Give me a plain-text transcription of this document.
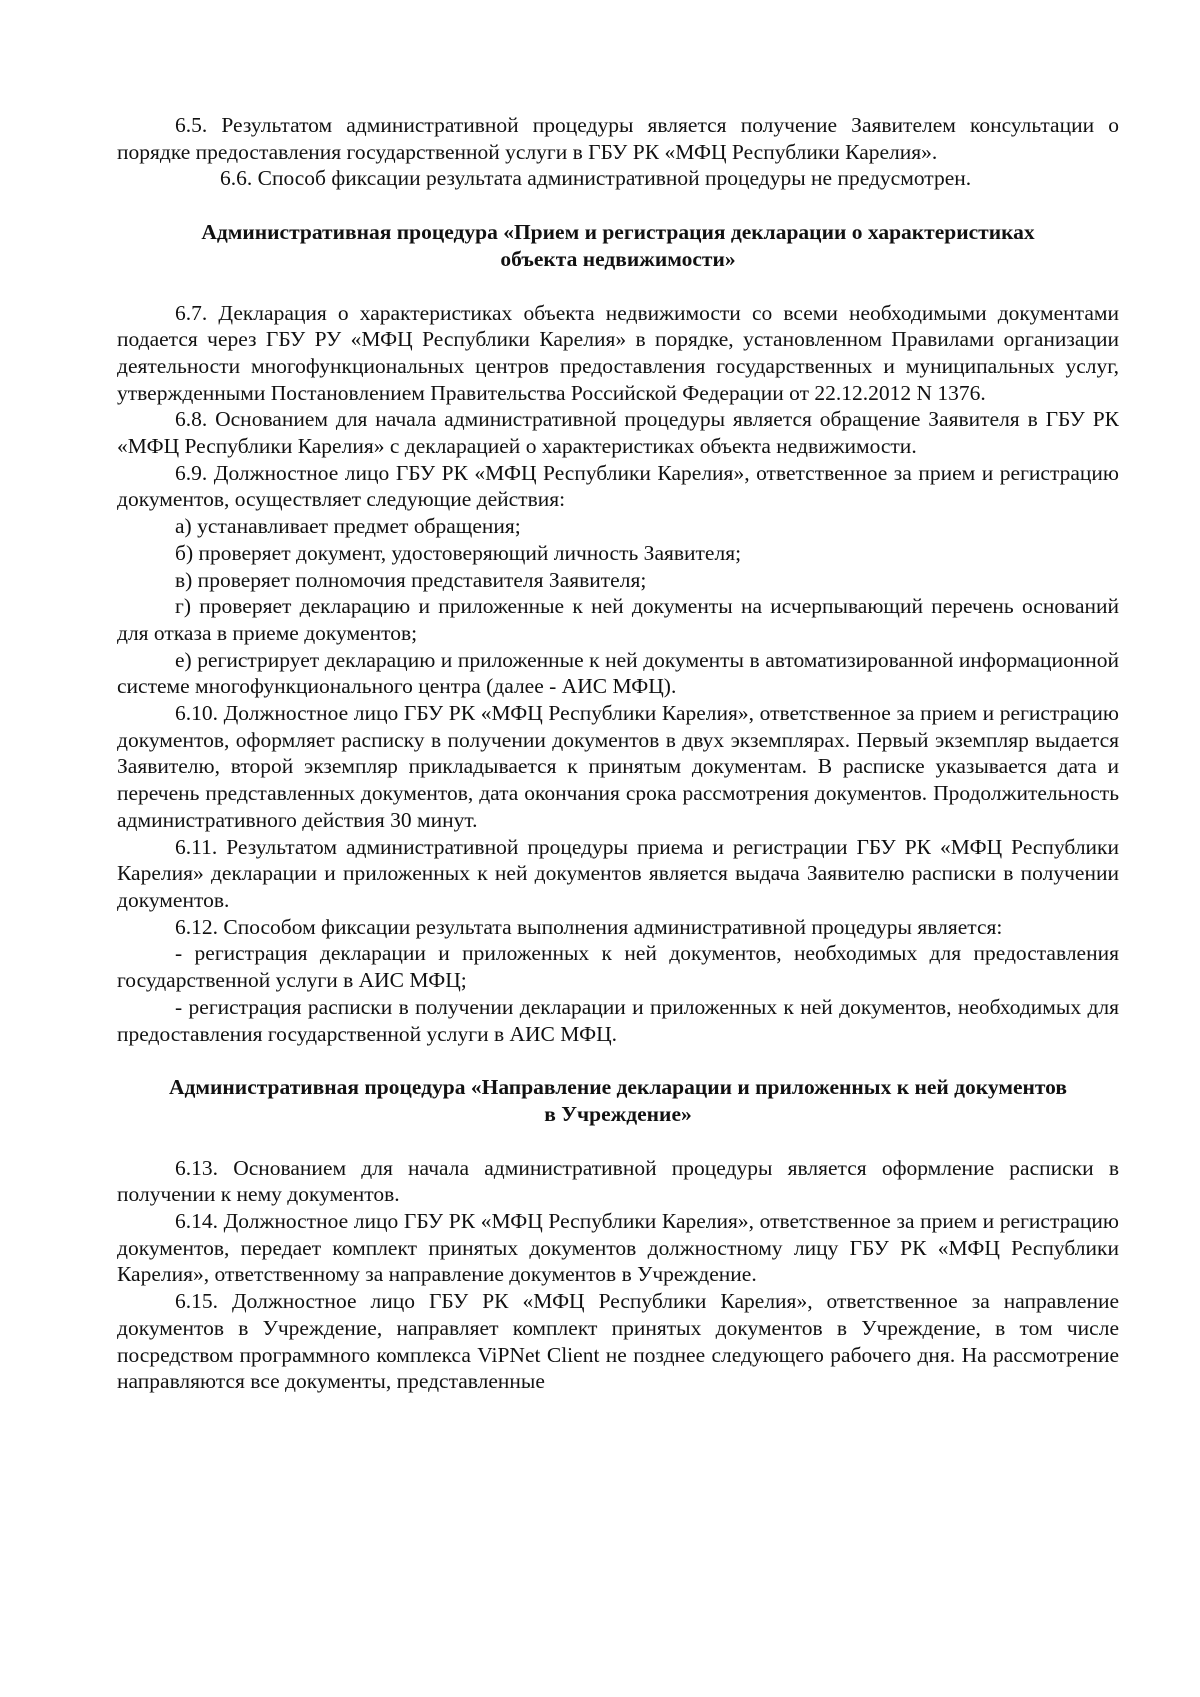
6.5. Результатом административной процедуры является получение Заявителем консультации о порядке предоставления государственной услуги в ГБУ РК «МФЦ Республики Карелия».

6.6. Способ фиксации результата административной процедуры не предусмотрен.

Административная процедура «Прием и регистрация декларации о характеристиках объекта недвижимости»

6.7. Декларация о характеристиках объекта недвижимости со всеми необходимыми документами подается через ГБУ РУ «МФЦ Республики Карелия» в порядке, установленном Правилами организации деятельности многофункциональных центров предоставления государственных и муниципальных услуг, утвержденными Постановлением Правительства Российской Федерации от 22.12.2012 N 1376.

6.8. Основанием для начала административной процедуры является обращение Заявителя в ГБУ РК «МФЦ Республики Карелия» с декларацией о характеристиках объекта недвижимости.

6.9. Должностное лицо ГБУ РК «МФЦ Республики Карелия», ответственное за прием и регистрацию документов, осуществляет следующие действия:

а) устанавливает предмет обращения;

б) проверяет документ, удостоверяющий личность Заявителя;

в) проверяет полномочия представителя Заявителя;

г) проверяет декларацию и приложенные к ней документы на исчерпывающий перечень оснований для отказа в приеме документов;

е) регистрирует декларацию и приложенные к ней документы в автоматизированной информационной системе многофункционального центра (далее - АИС МФЦ).

6.10. Должностное лицо ГБУ РК «МФЦ Республики Карелия», ответственное за прием и регистрацию документов, оформляет расписку в получении документов в двух экземплярах. Первый экземпляр выдается Заявителю, второй экземпляр прикладывается к принятым документам. В расписке указывается дата и перечень представленных документов, дата окончания срока рассмотрения документов. Продолжительность административного действия 30 минут.

6.11. Результатом административной процедуры приема и регистрации ГБУ РК «МФЦ Республики Карелия» декларации и приложенных к ней документов является выдача Заявителю расписки в получении документов.

6.12. Способом фиксации результата выполнения административной процедуры является:

- регистрация декларации и приложенных к ней документов, необходимых для предоставления государственной услуги в АИС МФЦ;

- регистрация расписки в получении декларации и приложенных к ней документов, необходимых для предоставления государственной услуги в АИС МФЦ.

Административная процедура «Направление декларации и приложенных к ней документов в Учреждение»

6.13. Основанием для начала административной процедуры является оформление расписки в получении к нему документов.

6.14. Должностное лицо ГБУ РК «МФЦ Республики Карелия», ответственное за прием и регистрацию документов, передает комплект принятых документов должностному лицу ГБУ РК «МФЦ Республики Карелия», ответственному за направление документов в Учреждение.

6.15. Должностное лицо ГБУ РК «МФЦ Республики Карелия», ответственное за направление документов в Учреждение, направляет комплект принятых документов в Учреждение, в том числе посредством программного комплекса ViPNet Client не позднее следующего рабочего дня. На рассмотрение направляются все документы, представленные
